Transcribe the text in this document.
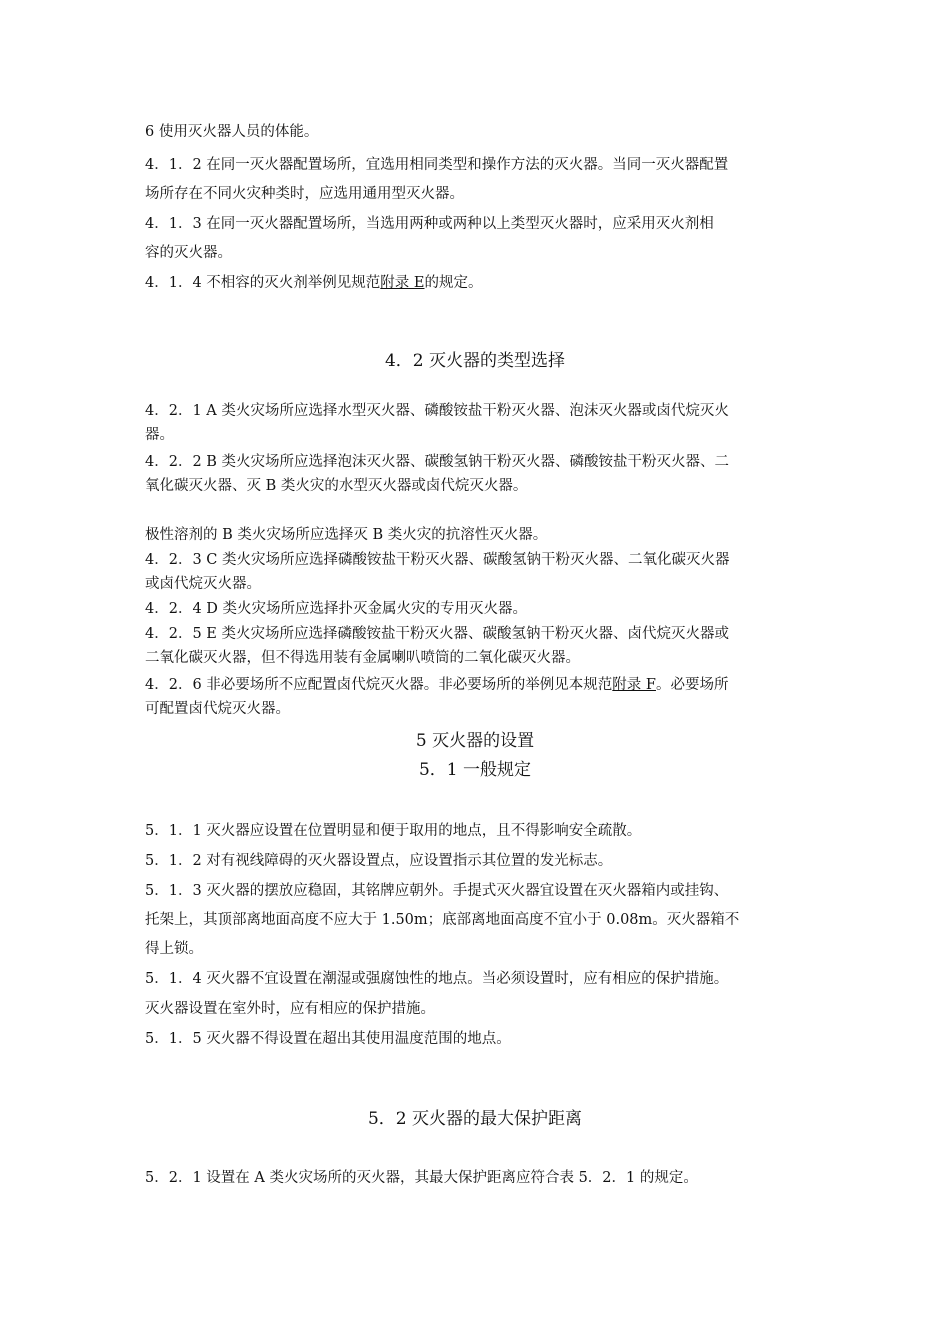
6 使用灭火器人员的体能。
4．1．2 在同一灭火器配置场所，宜选用相同类型和操作方法的灭火器。当同一灭火器配置
场所存在不同火灾种类时，应选用通用型灭火器。
4．1．3 在同一灭火器配置场所，当选用两种或两种以上类型灭火器时，应采用灭火剂相
容的灭火器。
4．1．4 不相容的灭火剂举例见规范附录 E的规定。
4．2 灭火器的类型选择
4．2．1 A 类火灾场所应选择水型灭火器、磷酸铵盐干粉灭火器、泡沫灭火器或卤代烷灭火
器。
4．2．2 B 类火灾场所应选择泡沫灭火器、碳酸氢钠干粉灭火器、磷酸铵盐干粉灭火器、二
氧化碳灭火器、灭 B 类火灾的水型灭火器或卤代烷灭火器。
极性溶剂的 B 类火灾场所应选择灭 B 类火灾的抗溶性灭火器。
4．2．3 C 类火灾场所应选择磷酸铵盐干粉灭火器、碳酸氢钠干粉灭火器、二氧化碳灭火器
或卤代烷灭火器。
4．2．4 D 类火灾场所应选择扑灭金属火灾的专用灭火器。
4．2．5 E 类火灾场所应选择磷酸铵盐干粉灭火器、碳酸氢钠干粉灭火器、卤代烷灭火器或
二氧化碳灭火器，但不得选用装有金属喇叭喷筒的二氧化碳灭火器。
4．2．6 非必要场所不应配置卤代烷灭火器。非必要场所的举例见本规范附录 F。必要场所
可配置卤代烷灭火器。
5 灭火器的设置
5．1 一般规定
5．1．1 灭火器应设置在位置明显和便于取用的地点，且不得影响安全疏散。
5．1．2 对有视线障碍的灭火器设置点，应设置指示其位置的发光标志。
5．1．3 灭火器的摆放应稳固，其铭牌应朝外。手提式灭火器宜设置在灭火器箱内或挂钩、
托架上，其顶部离地面高度不应大于 1.50m；底部离地面高度不宜小于 0.08m。灭火器箱不
得上锁。
5．1．4 灭火器不宜设置在潮湿或强腐蚀性的地点。当必须设置时，应有相应的保护措施。
灭火器设置在室外时，应有相应的保护措施。
5．1．5 灭火器不得设置在超出其使用温度范围的地点。
5．2 灭火器的最大保护距离
5．2．1 设置在 A 类火灾场所的灭火器，其最大保护距离应符合表 5．2．1 的规定。
